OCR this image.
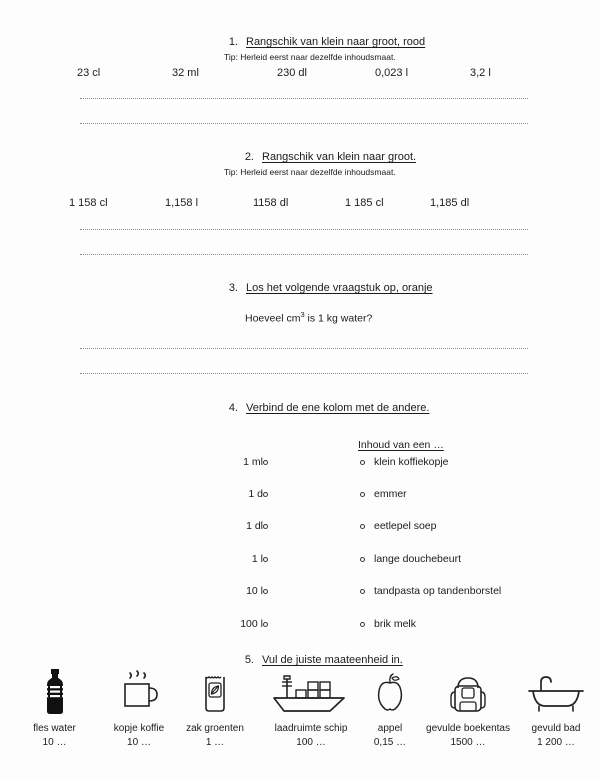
1. Rangschik van klein naar groot, rood
Tip: Herleid eerst naar dezelfde inhoudsmaat.
23 cl	32 ml	230 dl	0,023 l	3,2 l
2. Rangschik van klein naar groot.
Tip: Herleid eerst naar dezelfde inhoudsmaat.
1 158 cl	1,158 l	1158 dl	1 185 cl	1,185 dl
3. Los het volgende vraagstuk op, oranje
Hoeveel $cm^3$ is 1 kg water?
4. Verbind de ene kolom met de andere.
Inhoud van een …
1 ml	klein koffiekopje
1 d	emmer
1 dl	eetlepel soep
1 l	lange douchebeurt
10 l	tandpasta op tandenborstel
100 l	brik melk
5. Vul de juiste maateenheid in.
fles water
10 …
kopje koffie
10 …
zak groenten
1 …
laadruimte schip
100 …
appel
0,15 …
gevulde boekentas
1500 …
gevuld bad
1 200 …
